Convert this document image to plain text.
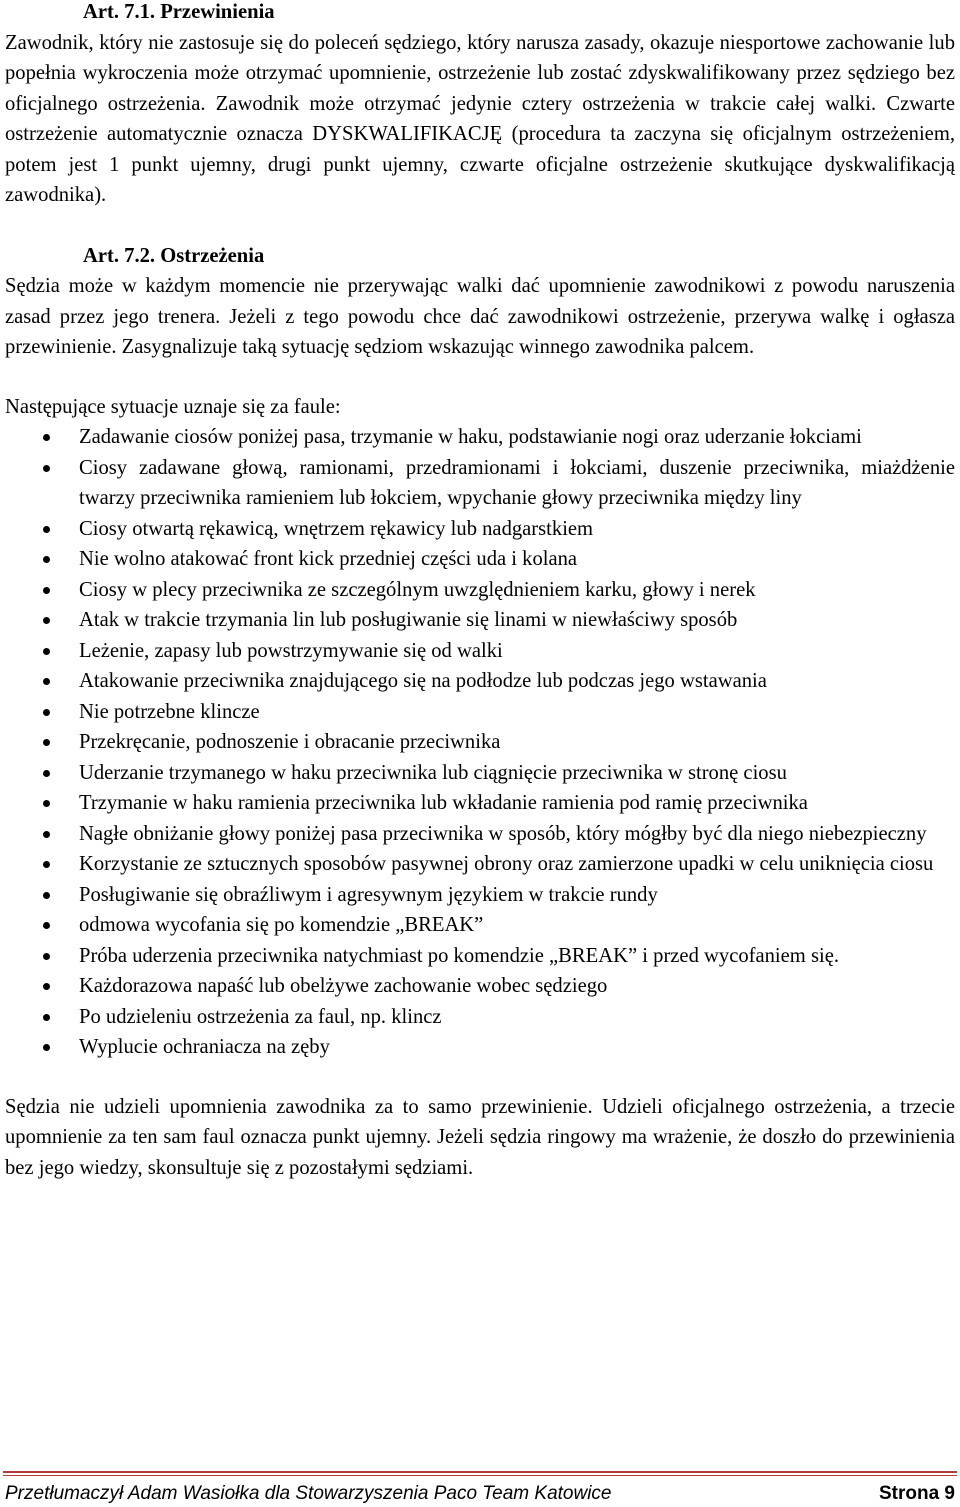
Art. 7.1. Przewinienia

Zawodnik, który nie zastosuje się do poleceń sędziego, który narusza zasady, okazuje niesportowe zachowanie lub popełnia wykroczenia może otrzymać upomnienie, ostrzeżenie lub zostać zdyskwalifikowany przez sędziego bez oficjalnego ostrzeżenia. Zawodnik może otrzymać jedynie cztery ostrzeżenia w trakcie całej walki. Czwarte ostrzeżenie automatycznie oznacza DYSKWALIFIKACJĘ (procedura ta zaczyna się oficjalnym ostrzeżeniem, potem jest 1 punkt ujemny, drugi punkt ujemny, czwarte oficjalne ostrzeżenie skutkujące dyskwalifikacją zawodnika).

Art. 7.2. Ostrzeżenia

Sędzia może w każdym momencie nie przerywając walki dać upomnienie zawodnikowi z powodu naruszenia zasad przez jego trenera. Jeżeli z tego powodu chce dać zawodnikowi ostrzeżenie, przerywa walkę i ogłasza przewinienie. Zasygnalizuje taką sytuację sędziom wskazując winnego zawodnika palcem.

Następujące sytuacje uznaje się za faule:

Zadawanie ciosów poniżej pasa, trzymanie w haku, podstawianie nogi oraz uderzanie łokciami
Ciosy zadawane głową, ramionami, przedramionami i łokciami, duszenie przeciwnika, miażdżenie twarzy przeciwnika ramieniem lub łokciem, wpychanie głowy przeciwnika między liny
Ciosy otwartą rękawicą, wnętrzem rękawicy lub nadgarstkiem
Nie wolno atakować front kick przedniej części uda i kolana
Ciosy w plecy przeciwnika ze szczególnym uwzględnieniem karku, głowy i nerek
Atak w trakcie trzymania lin lub posługiwanie się linami w niewłaściwy sposób
Leżenie, zapasy lub powstrzymywanie się od walki
Atakowanie przeciwnika znajdującego się na podłodze lub podczas jego wstawania
Nie potrzebne klincze
Przekręcanie, podnoszenie i obracanie przeciwnika
Uderzanie trzymanego w haku przeciwnika lub ciągnięcie przeciwnika w stronę ciosu
Trzymanie w haku ramienia przeciwnika lub wkładanie ramienia pod ramię przeciwnika
Nagłe obniżanie głowy poniżej pasa przeciwnika w sposób, który mógłby być dla niego niebezpieczny
Korzystanie ze sztucznych sposobów pasywnej obrony oraz zamierzone upadki w celu uniknięcia ciosu
Posługiwanie się obraźliwym i agresywnym językiem w trakcie rundy
odmowa wycofania się po komendzie „BREAK”
Próba uderzenia przeciwnika natychmiast po komendzie „BREAK” i przed wycofaniem się.
Każdorazowa napaść lub obelżywe zachowanie wobec sędziego
Po udzieleniu ostrzeżenia za faul, np. klincz
Wyplucie ochraniacza na zęby

Sędzia nie udzieli upomnienia zawodnika za to samo przewinienie. Udzieli oficjalnego ostrzeżenia, a trzecie upomnienie za ten sam faul oznacza punkt ujemny. Jeżeli sędzia ringowy ma wrażenie, że doszło do przewinienia bez jego wiedzy, skonsultuje się z pozostałymi sędziami.

Przetłumaczył Adam Wasiołka dla Stowarzyszenia Paco Team Katowice	Strona 9
